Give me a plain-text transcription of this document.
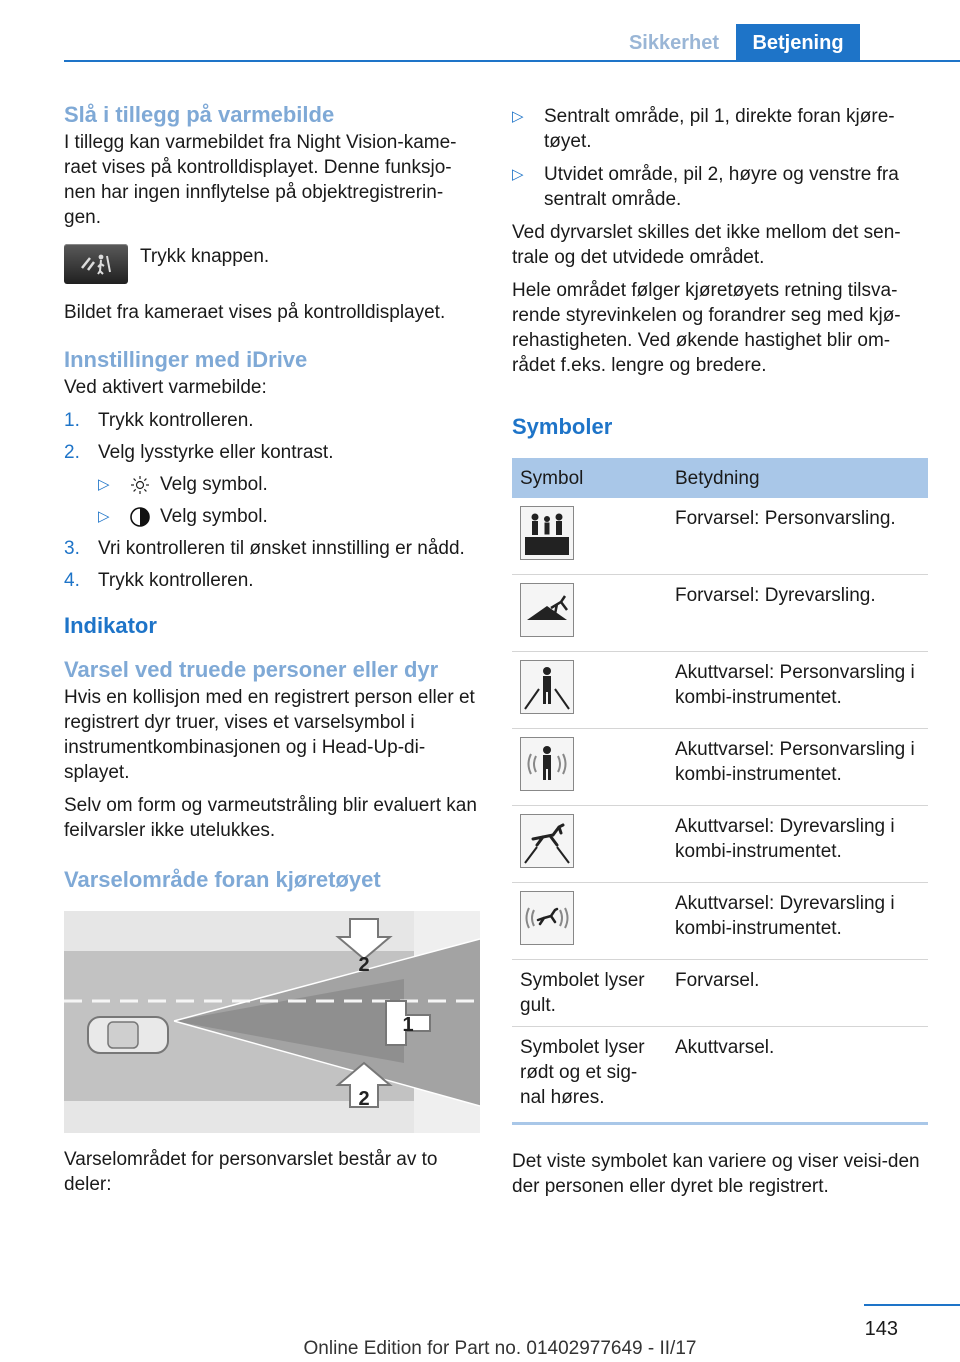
Sikkerhet	Betjening
Slå i tillegg på varmebilde

I tillegg kan varmebildet fra Night Vision-kame-raet vises på kontrolldisplayet. Denne funksjo-nen har ingen innflytelse på objektregistrerin-gen.

Trykk knappen.

Bildet fra kameraet vises på kontrolldisplayet.

Innstillinger med iDrive

Ved aktivert varmebilde:

1. Trykk kontrolleren.
2. Velg lysstyrke eller kontrast.
▷	Velg symbol.
▷	Velg symbol.
3. Vri kontrolleren til ønsket innstilling er nådd.
4. Trykk kontrolleren.
Indikator
Varsel ved truede personer eller dyr

Hvis en kollisjon med en registrert person eller et registrert dyr truer, vises et varselsymbol i instrumentkombinasjonen og i Head-Up-di-splayet.

Selv om form og varmeutstråling blir evaluert kan feilvarsler ikke utelukkes.

Varselområde foran kjøretøyet
2
1
2

Varselområdet for personvarslet består av to deler:

▷ Sentralt område, pil 1, direkte foran kjøre-tøyet.
▷ Utvidet område, pil 2, høyre og venstre fra sentralt område.

Ved dyrvarslet skilles det ikke mellom det sen-trale og det utvidede området.

Hele området følger kjøretøyets retning tilsva-rende styrevinkelen og forandrer seg med kjø-rehastigheten. Ved økende hastighet blir om-rådet f.eks. lengre og bredere.

Symboler
Symbol	Betydning

	Forvarsel: Personvarsling.

	Forvarsel: Dyrevarsling.

	Akuttvarsel: Personvarsling i kombi-instrumentet.

	Akuttvarsel: Personvarsling i kombi-instrumentet.

	Akuttvarsel: Dyrevarsling i kombi-instrumentet.

	Akuttvarsel: Dyrevarsling i kombi-instrumentet.
Symbolet lyser gult.	Forvarsel.
Symbolet lyser rødt og et sig-nal høres.	Akuttvarsel.

Det viste symbolet kan variere og viser veisi-den der personen eller dyret ble registrert.

143
Online Edition for Part no. 01402977649 - II/17
